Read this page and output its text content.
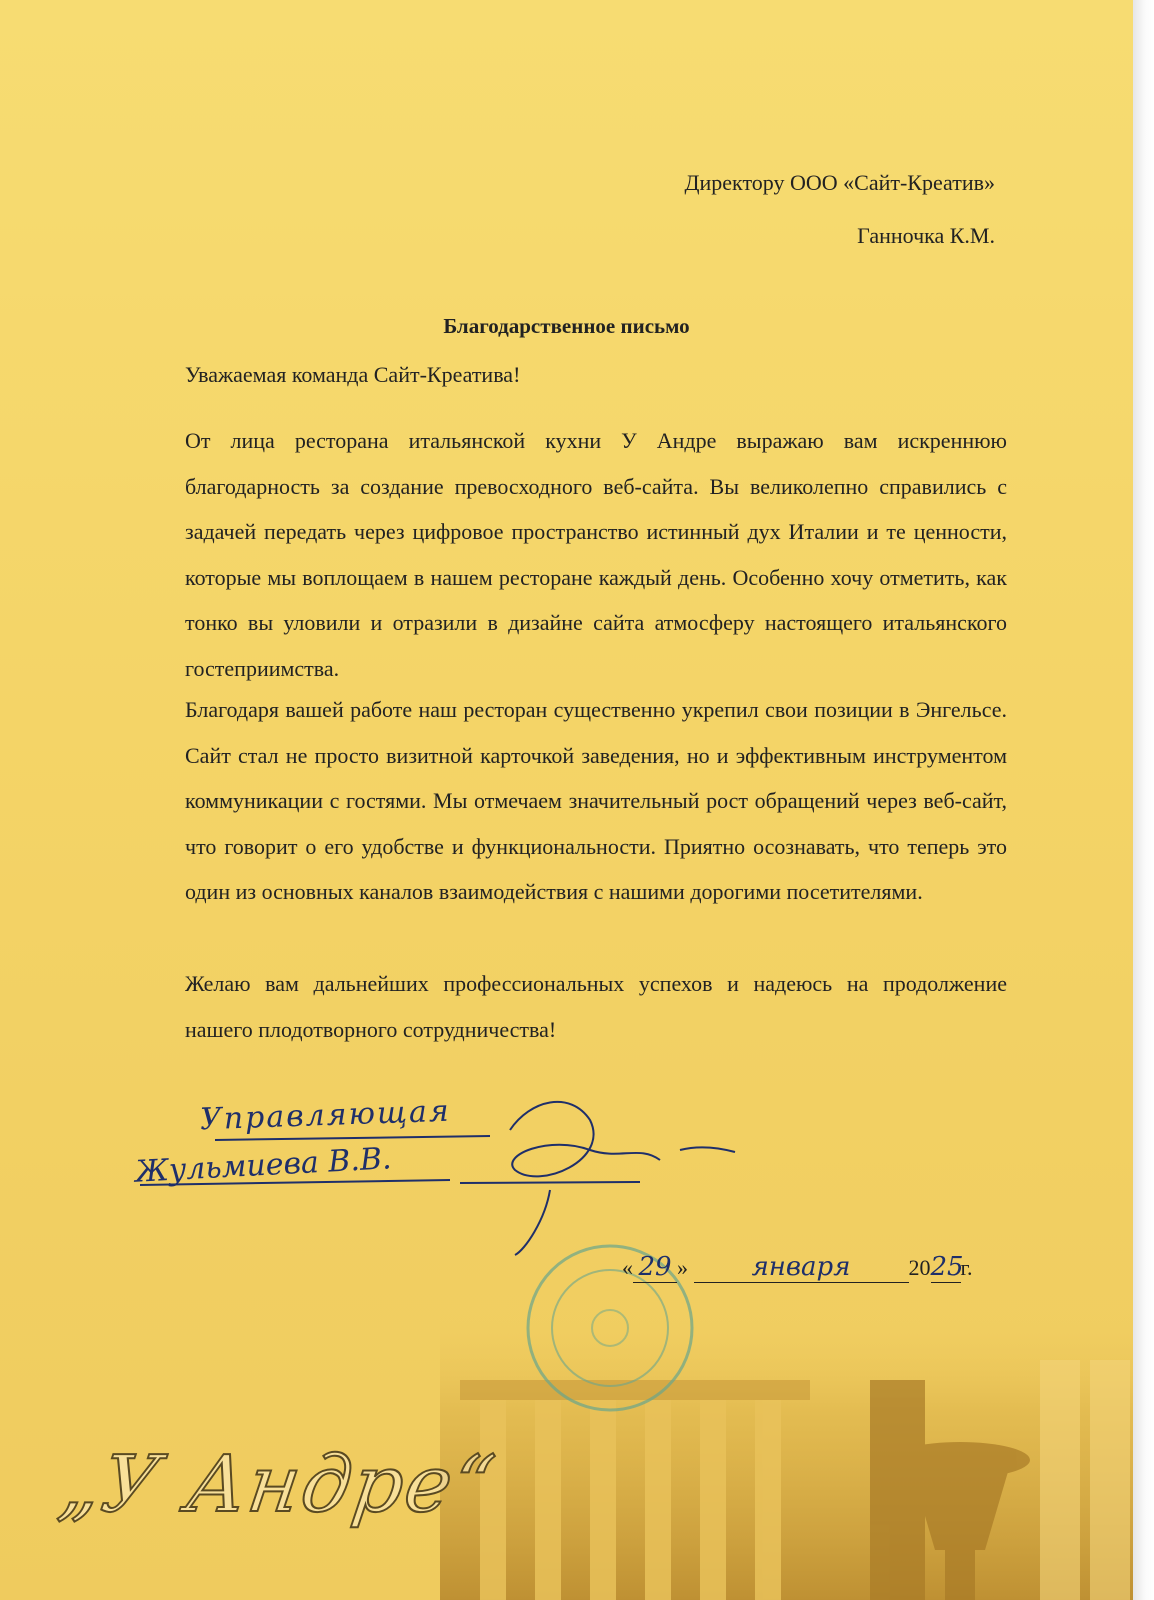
Директору ООО «Сайт-Креатив»
Ганночка К.М.
Благодарственное письмо
Уважаемая команда Сайт-Креатива!
От лица ресторана итальянской кухни У Андре выражаю вам искреннюю благодарность за создание превосходного веб-сайта. Вы великолепно справились с задачей передать через цифровое пространство истинный дух Италии и те ценности, которые мы воплощаем в нашем ресторане каждый день. Особенно хочу отметить, как тонко вы уловили и отразили в дизайне сайта атмосферу настоящего итальянского гостеприимства.
Благодаря вашей работе наш ресторан существенно укрепил свои позиции в Энгельсе. Сайт стал не просто визитной карточкой заведения, но и эффективным инструментом коммуникации с гостями. Мы отмечаем значительный рост обращений через веб-сайт, что говорит о его удобстве и функциональности. Приятно осознавать, что теперь это один из основных каналов взаимодействия с нашими дорогими посетителями.
Желаю вам дальнейших профессиональных успехов и надеюсь на продолжение нашего плодотворного сотрудничества!
Управляющая
Жульмиева В.В.
« 29 » января	2025г.
„У Андре“
